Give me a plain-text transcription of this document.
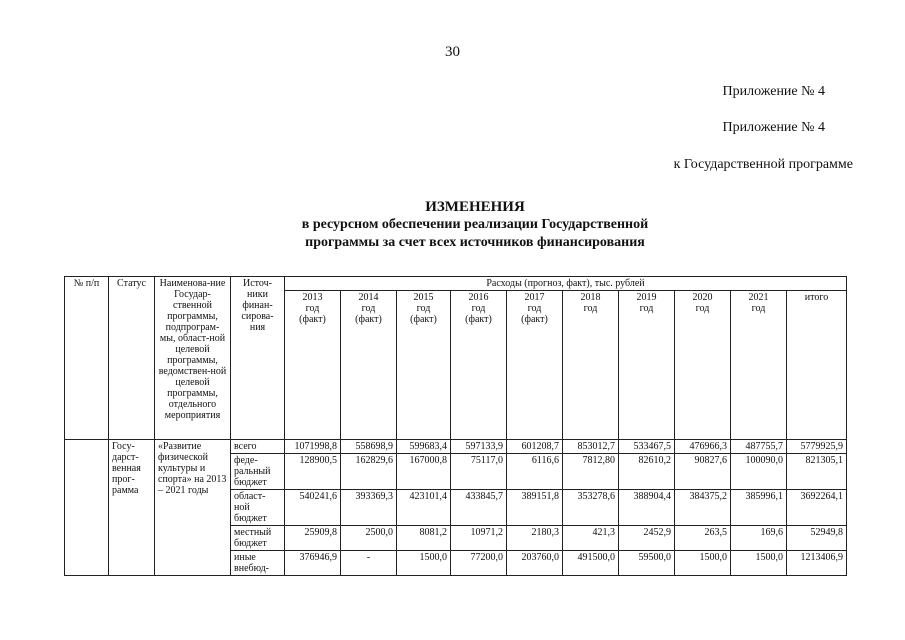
30
Приложение № 4
Приложение № 4
к Государственной программе
ИЗМЕНЕНИЯ
в ресурсном обеспечении реализации Государственной
программы за счет всех источников финансирования
№ п/п	Статус	Наименова-ние Государ-ственной программы, подпрограм-мы, област-ной целевой программы, ведомствен-ной целевой программы, отдельного мероприятия	Источ-ники финан-сирова-ния	Расходы (прогноз, факт), тыс. рублей									
				2013
год
(факт)	2014
год
(факт)	2015
год
(факт)	2016
год
(факт)	2017
год
(факт)	2018
год	2019
год	2020
год	2021
год	итого
	Госу-дарст-венная прог-рамма	«Развитие физической культуры и спорта» на 2013 – 2021 годы	всего	1071998,8	558698,9	599683,4	597133,9	601208,7	853012,7	533467,5	476966,3	487755,7	5779925,9
			феде-ральный бюджет	128900,5	162829,6	167000,8	75117,0	6116,6	7812,80	82610,2	90827,6	100090,0	821305,1
			област-ной бюджет	540241,6	393369,3	423101,4	433845,7	389151,8	353278,6	388904,4	384375,2	385996,1	3692264,1
			местный бюджет	25909,8	2500,0	8081,2	10971,2	2180,3	421,3	2452,9	263,5	169,6	52949,8
			иные внебюд-	376946,9	-	1500,0	77200,0	203760,0	491500,0	59500,0	1500,0	1500,0	1213406,9
